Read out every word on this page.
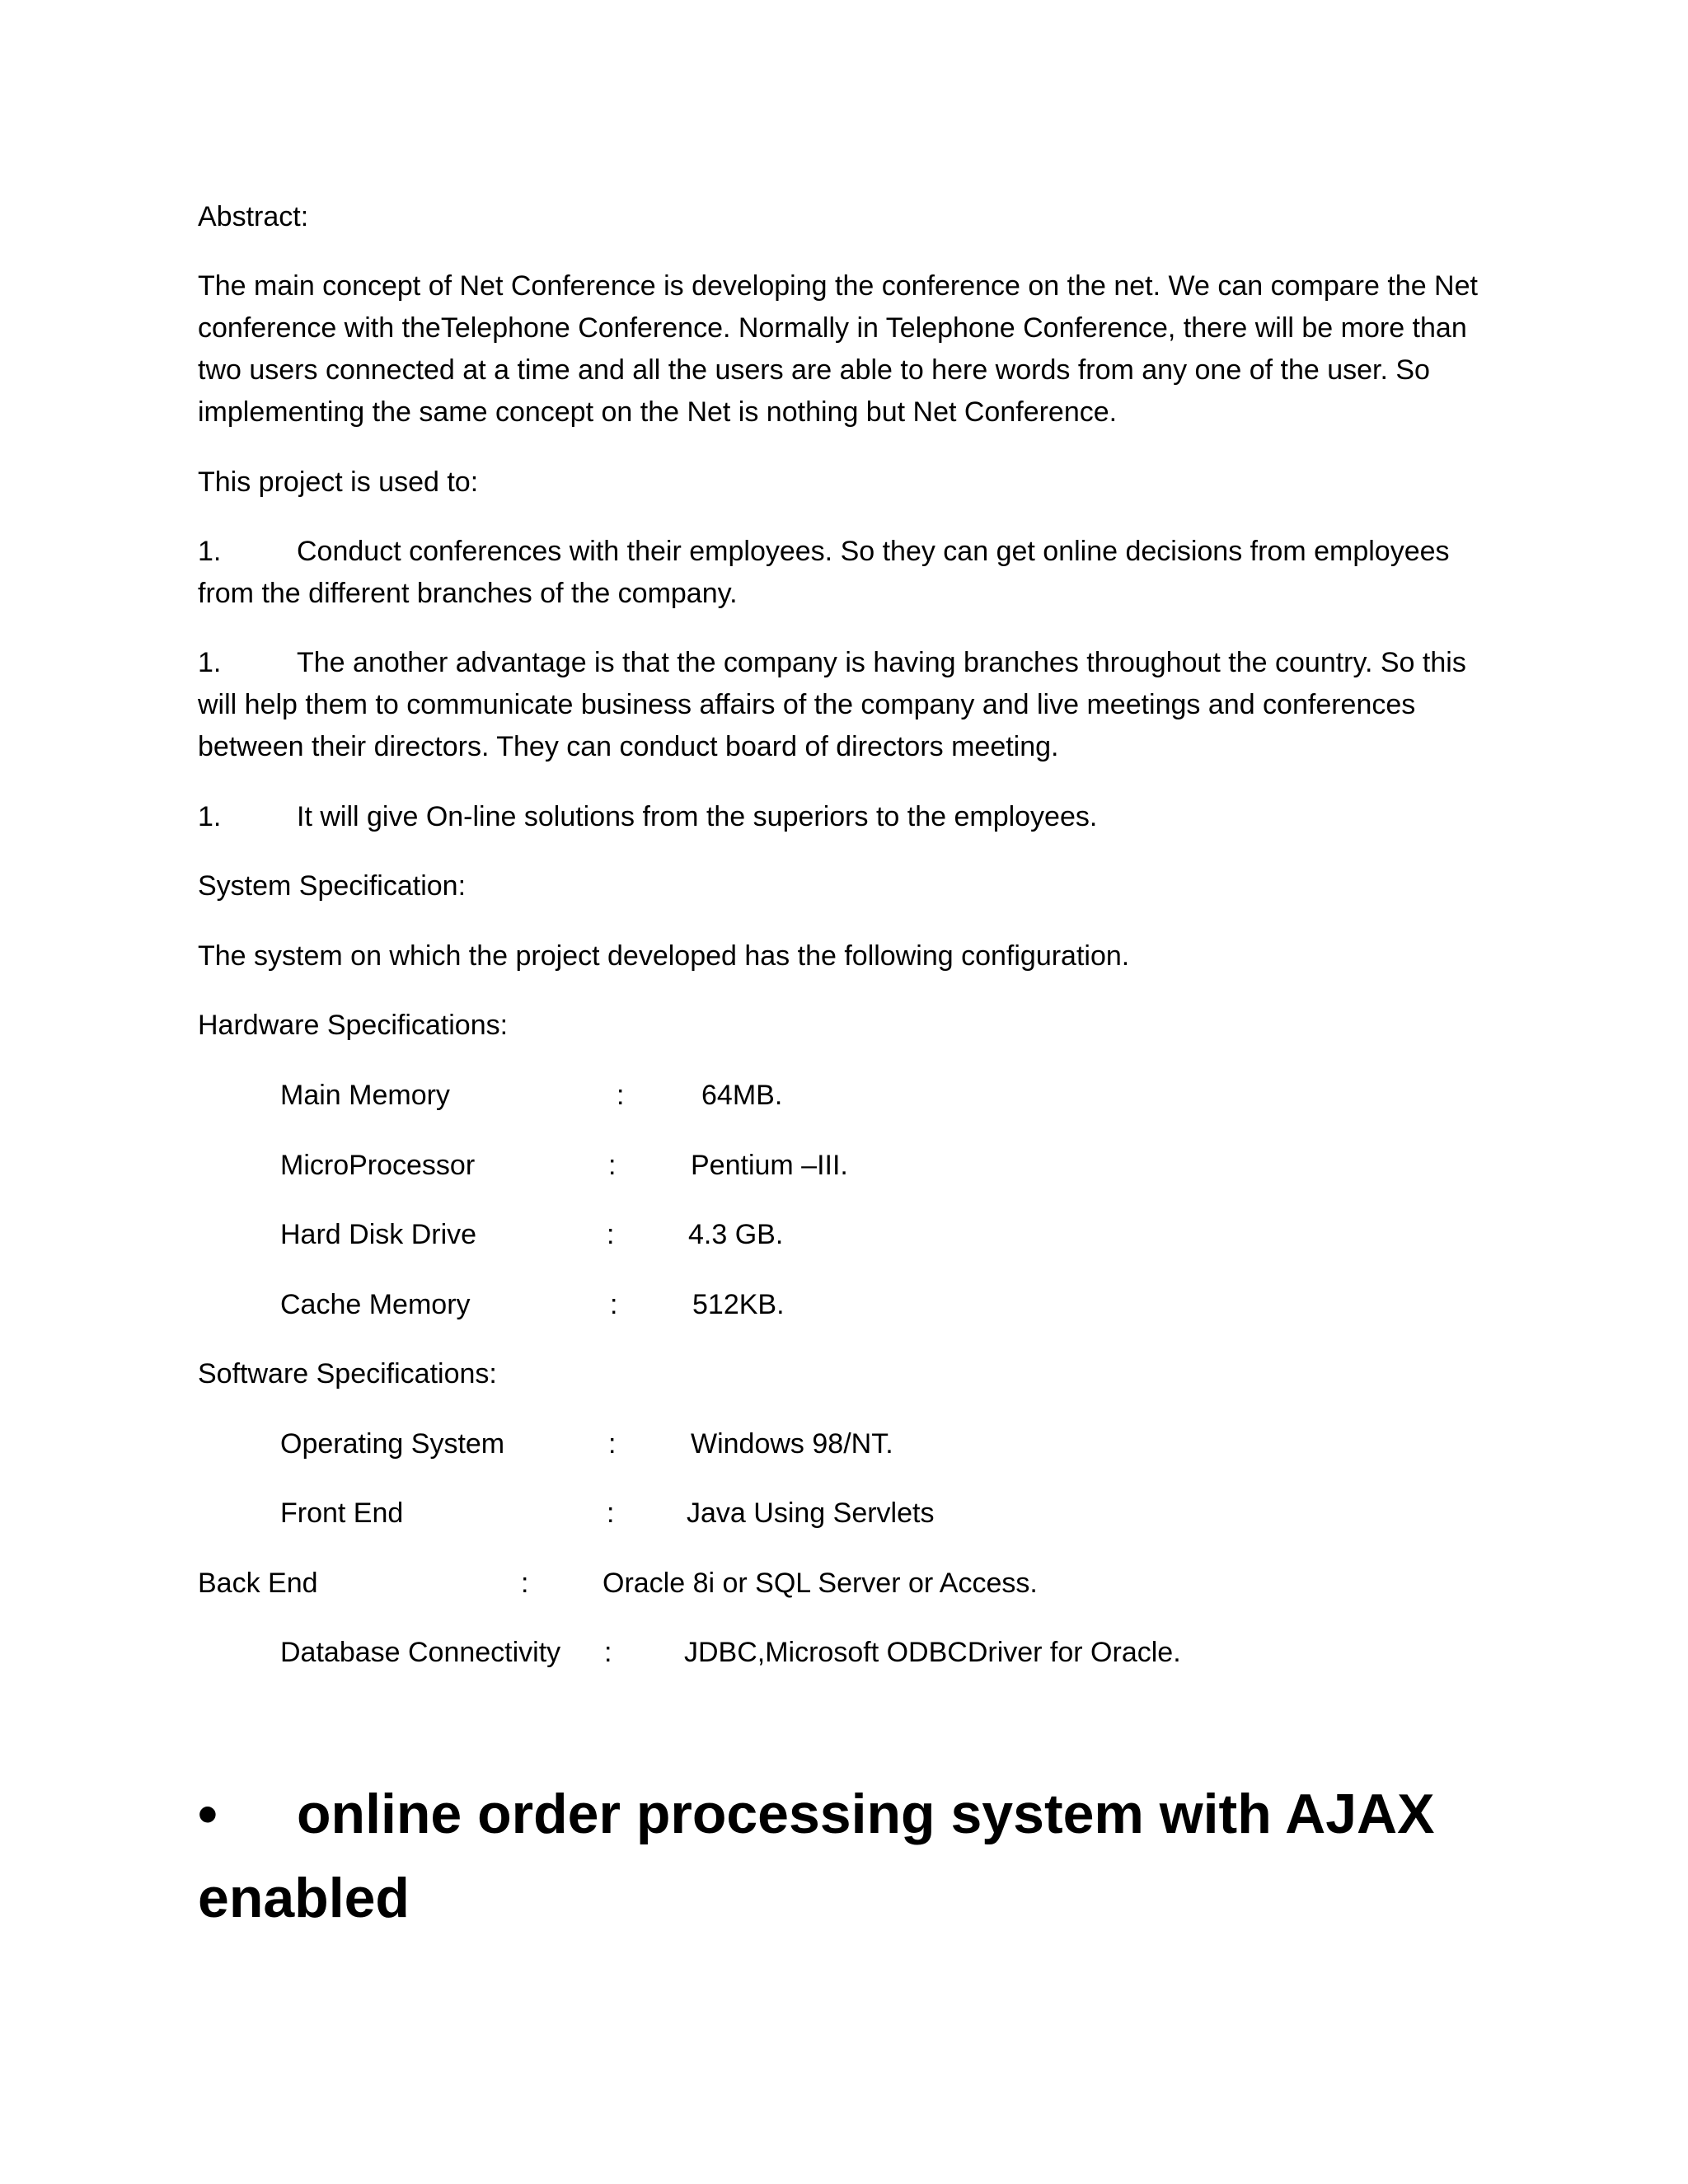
Abstract:
The main concept of Net Conference is developing the conference on the net. We can compare the Net
conference with theTelephone Conference. Normally in Telephone Conference, there will be more than
two users connected at a time and all the users are able to here words from any one of the user. So
implementing the same concept on the Net is nothing but Net Conference.
This project is used to:
1.	Conduct conferences with their employees. So they can get online decisions from employees
from the different branches of the company.
1.	The another advantage is that the company is having branches throughout the country. So this
will help them to communicate business affairs of the company and live meetings and conferences
between their directors. They can conduct board of directors meeting.
1.	It will give On-line solutions from the superiors to the employees.
System Specification:
The system on which the project developed has the following configuration.
Hardware Specifications:
Main Memory	:	64MB.
MicroProcessor	:	Pentium –III.
Hard Disk Drive	:	4.3 GB.
Cache Memory	:	512KB.
Software Specifications:
Operating System	:	Windows 98/NT.
Front End	:	Java Using Servlets
Back End	:	Oracle 8i or SQL Server or Access.
Database Connectivity :	JDBC,Microsoft ODBCDriver for Oracle.
• online order processing system with AJAX
enabled
